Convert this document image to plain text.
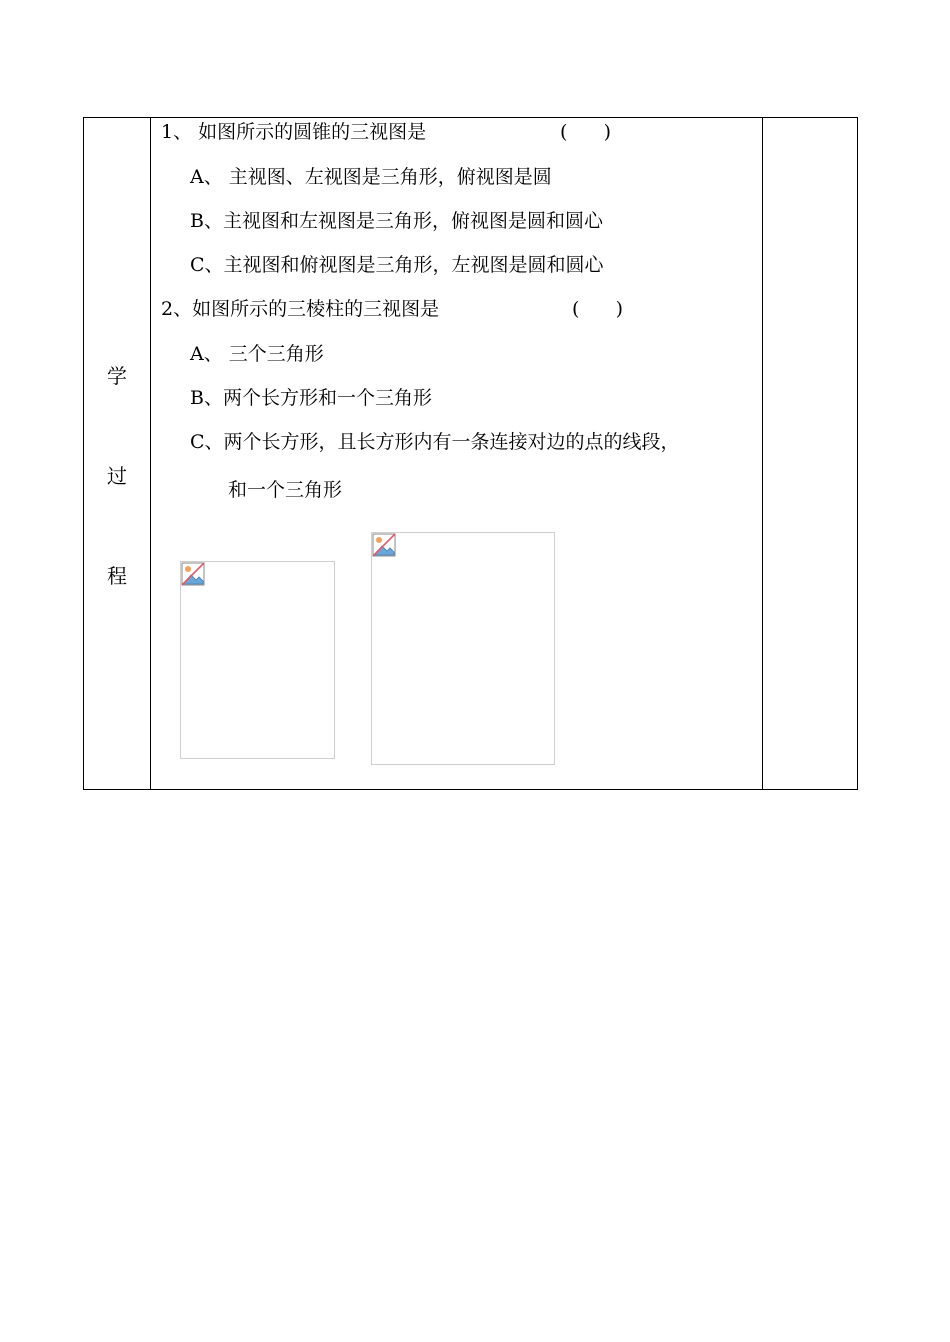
学
过
程
1、 如图所示的圆锥的三视图是	(      )
A、 主视图、左视图是三角形，俯视图是圆
B、主视图和左视图是三角形，俯视图是圆和圆心
C、主视图和俯视图是三角形，左视图是圆和圆心
2、如图所示的三棱柱的三视图是	(      )
A、 三个三角形
B、两个长方形和一个三角形
C、两个长方形，且长方形内有一条连接对边的点的线段，
和一个三角形
